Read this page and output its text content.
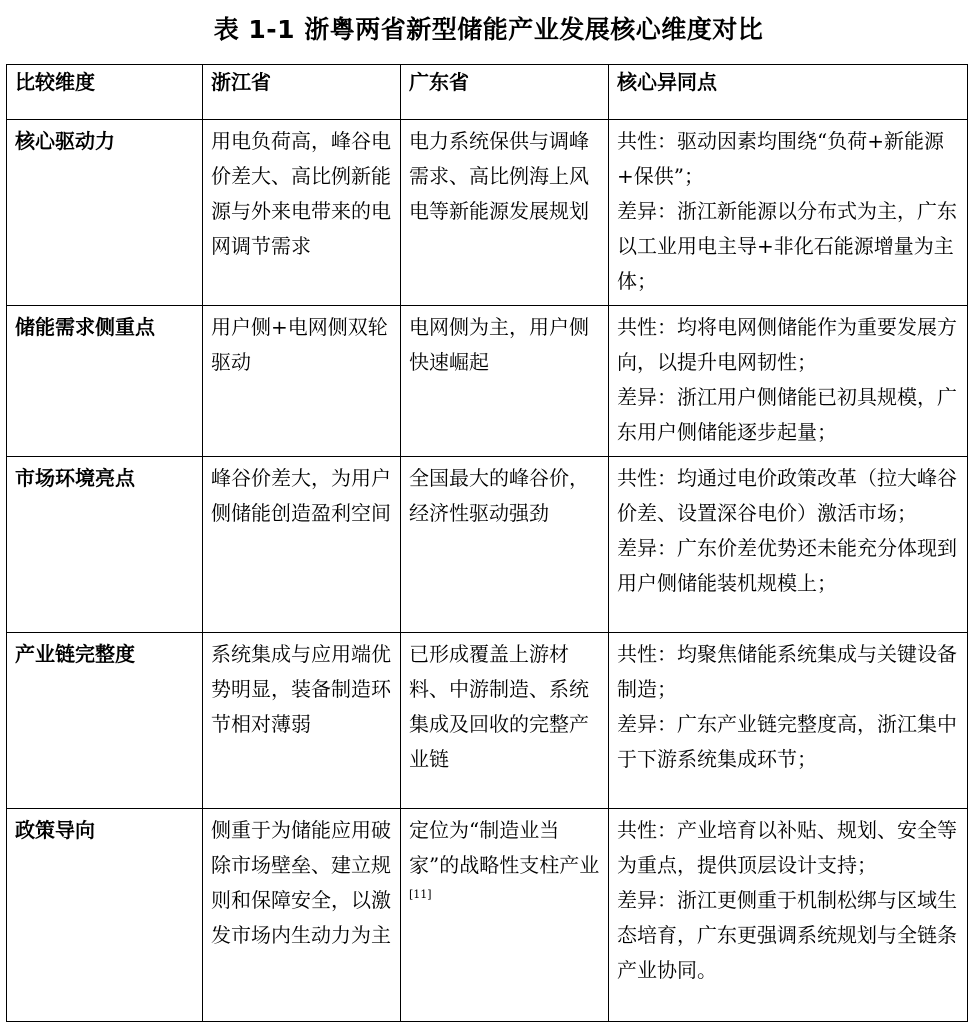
表 1-1 浙粤两省新型储能产业发展核心维度对比
比较维度	浙江省	广东省	核心异同点
核心驱动力	用电负荷高，峰谷电价差大、高比例新能源与外来电带来的电网调节需求	电力系统保供与调峰需求、高比例海上风电等新能源发展规划	共性：驱动因素均围绕“负荷+新能源+保供”；
差异：浙江新能源以分布式为主，广东以工业用电主导+非化石能源增量为主体；

储能需求侧重点	用户侧+电网侧双轮驱动	电网侧为主，用户侧快速崛起	共性：均将电网侧储能作为重要发展方向，以提升电网韧性；
差异：浙江用户侧储能已初具规模，广东用户侧储能逐步起量；

市场环境亮点	峰谷价差大，为用户侧储能创造盈利空间	全国最大的峰谷价，经济性驱动强劲	共性：均通过电价政策改革（拉大峰谷价差、设置深谷电价）激活市场；
差异：广东价差优势还未能充分体现到用户侧储能装机规模上；

产业链完整度	系统集成与应用端优势明显，装备制造环节相对薄弱	已形成覆盖上游材料、中游制造、系统集成及回收的完整产业链	共性：均聚焦储能系统集成与关键设备制造；
差异：广东产业链完整度高，浙江集中于下游系统集成环节；

政策导向	侧重于为储能应用破除市场壁垒、建立规则和保障安全，以激发市场内生动力为主	定位为“制造业当家”的战略性支柱产业[11]	共性：产业培育以补贴、规划、安全等为重点，提供顶层设计支持；
差异：浙江更侧重于机制松绑与区域生态培育，广东更强调系统规划与全链条产业协同。
